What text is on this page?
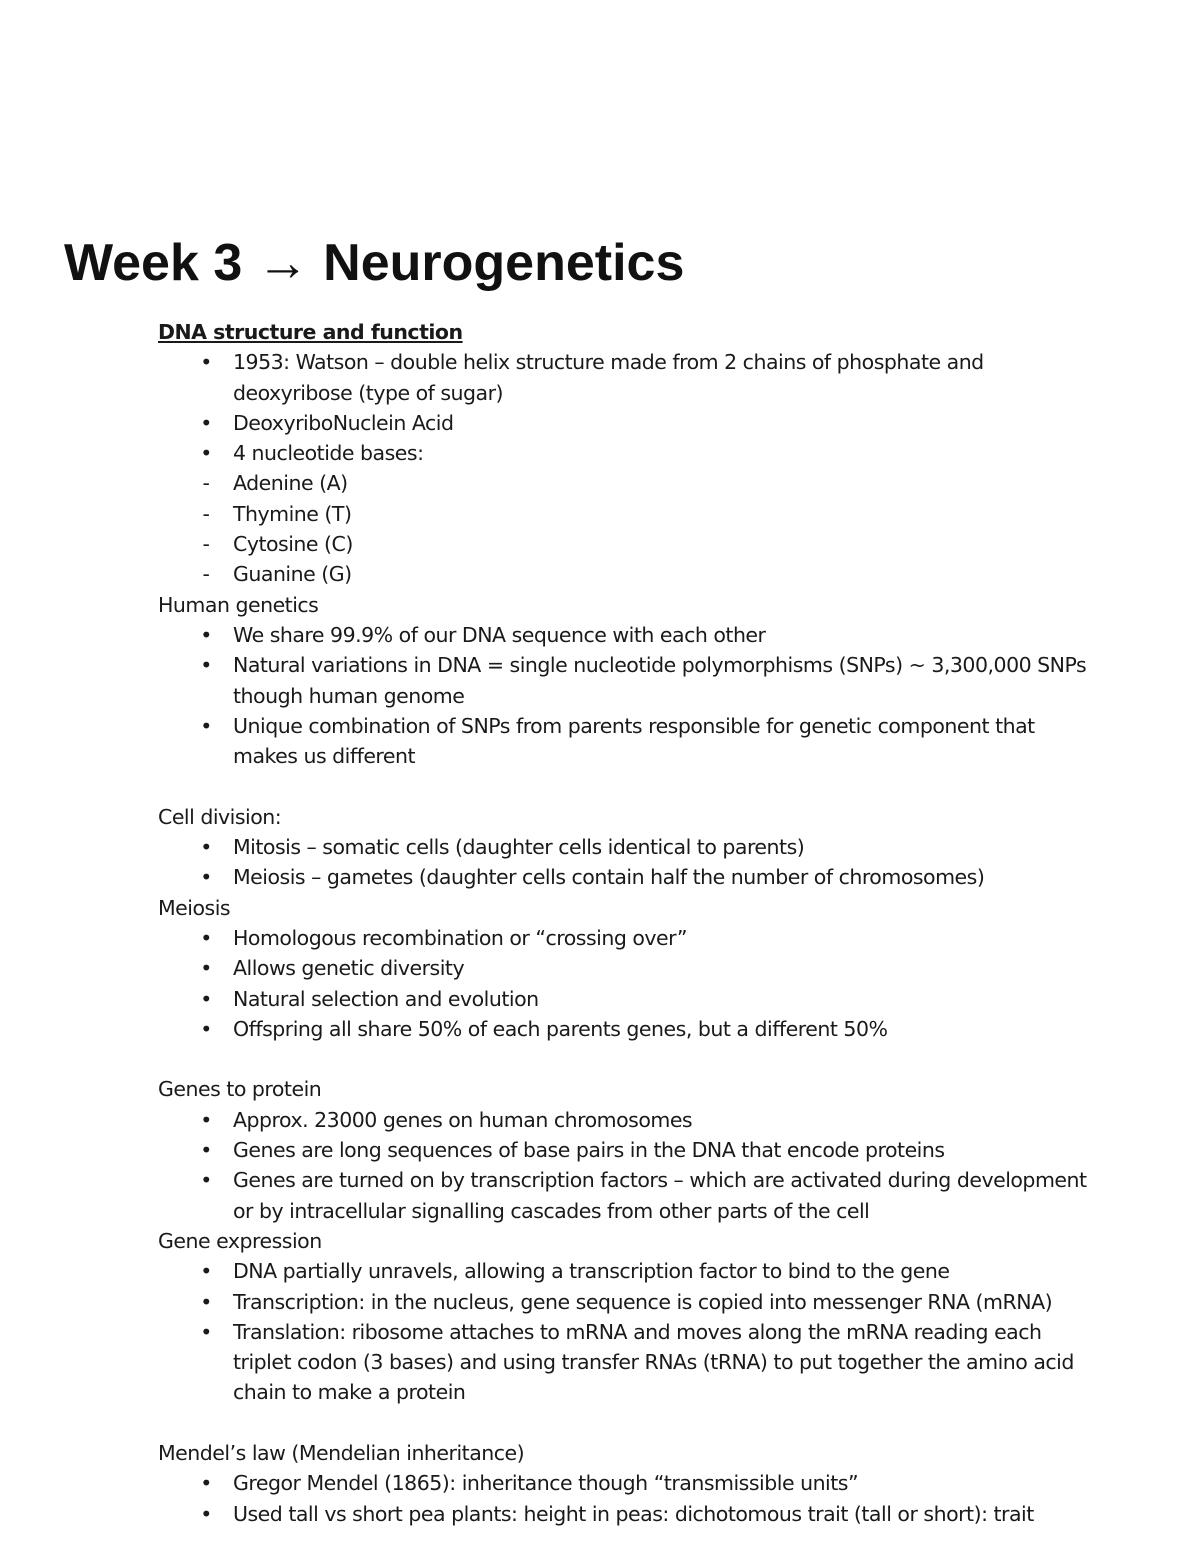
Week 3 → Neurogenetics
DNA structure and function
• 1953: Watson – double helix structure made from 2 chains of phosphate and deoxyribose (type of sugar)
• DeoxyriboNuclein Acid
• 4 nucleotide bases:
-	Adenine (A)
-	Thymine (T)
-	Cytosine (C)
-	Guanine (G)
Human genetics
• We share 99.9% of our DNA sequence with each other
• Natural variations in DNA = single nucleotide polymorphisms (SNPs) ~ 3,300,000 SNPs though human genome
• Unique combination of SNPs from parents responsible for genetic component that makes us different
Cell division:
• Mitosis – somatic cells (daughter cells identical to parents)
• Meiosis – gametes (daughter cells contain half the number of chromosomes)
Meiosis
• Homologous recombination or “crossing over”
• Allows genetic diversity
• Natural selection and evolution
• Offspring all share 50% of each parents genes, but a different 50%
Genes to protein
• Approx. 23000 genes on human chromosomes
• Genes are long sequences of base pairs in the DNA that encode proteins
• Genes are turned on by transcription factors – which are activated during development or by intracellular signalling cascades from other parts of the cell
Gene expression
• DNA partially unravels, allowing a transcription factor to bind to the gene
• Transcription: in the nucleus, gene sequence is copied into messenger RNA (mRNA)
• Translation: ribosome attaches to mRNA and moves along the mRNA reading each triplet codon (3 bases) and using transfer RNAs (tRNA) to put together the amino acid chain to make a protein
Mendel’s law (Mendelian inheritance)
• Gregor Mendel (1865): inheritance though “transmissible units”
• Used tall vs short pea plants: height in peas: dichotomous trait (tall or short): trait
